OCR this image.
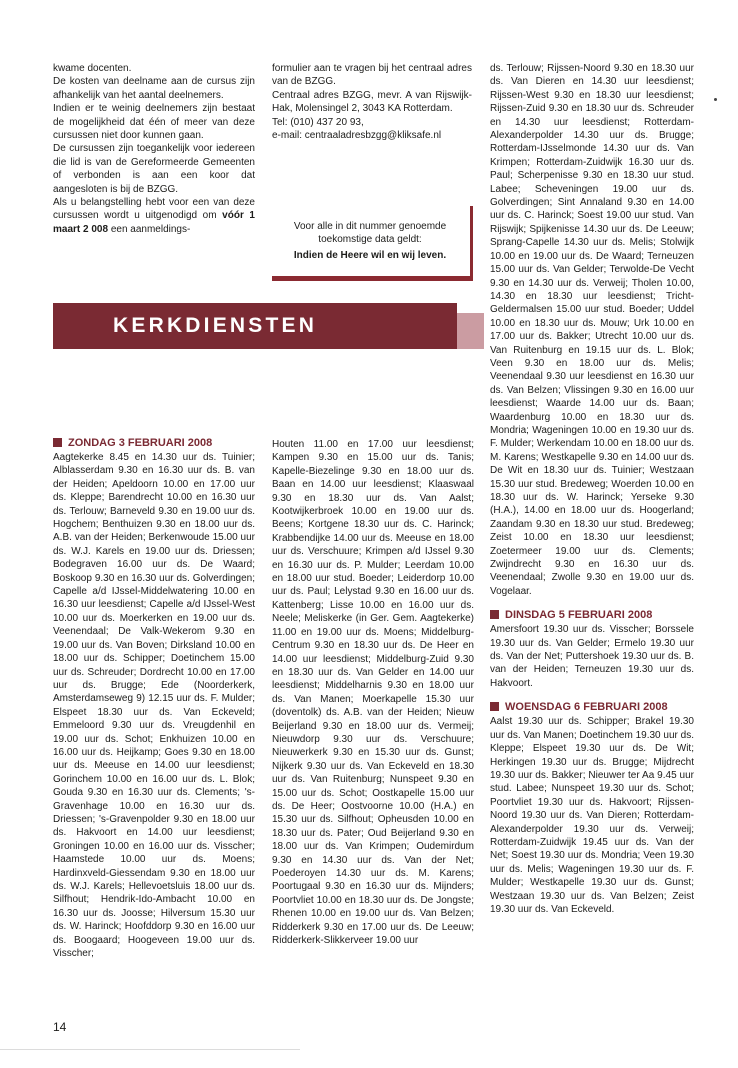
kwame docenten.

De kosten van deelname aan de cursus zijn afhankelijk van het aantal deelnemers.

Indien er te weinig deelnemers zijn bestaat de mogelijkheid dat één of meer van deze cursussen niet door kunnen gaan.

De cursussen zijn toegankelijk voor iedereen die lid is van de Gereformeerde Gemeenten of verbonden is aan een koor dat aangesloten is bij de BZGG.

Als u belangstelling hebt voor een van deze cursussen wordt u uitgenodigd om vóór 1 maart 2 008 een aanmeldings-

formulier aan te vragen bij het centraal adres van de BZGG.

Centraal adres BZGG, mevr. A van Rijswijk-Hak, Molensingel 2, 3043 KA Rotterdam.

Tel: (010) 437 20 93,

e-mail: centraaladresbzgg@kliksafe.nl

Voor alle in dit nummer genoemde toekomstige data geldt:
Indien de Heere wil en wij leven.
KERKDIENSTEN
ZONDAG 3 FEBRUARI 2008

Aagtekerke 8.45 en 14.30 uur ds. Tuinier; Alblasserdam 9.30 en 16.30 uur ds. B. van der Heiden; Apeldoorn 10.00 en 17.00 uur ds. Kleppe; Barendrecht 10.00 en 16.30 uur ds. Terlouw; Barneveld 9.30 en 19.00 uur ds. Hogchem; Benthuizen 9.30 en 18.00 uur ds. A.B. van der Heiden; Berkenwoude 15.00 uur ds. W.J. Karels en 19.00 uur ds. Driessen; Bodegraven 16.00 uur ds. De Waard; Boskoop 9.30 en 16.30 uur ds. Golverdingen; Capelle a/d IJssel-Middelwatering 10.00 en 16.30 uur leesdienst; Capelle a/d IJssel-West 10.00 uur ds. Moerkerken en 19.00 uur ds. Veenendaal; De Valk-Wekerom 9.30 en 19.00 uur ds. Van Boven; Dirksland 10.00 en 18.00 uur ds. Schipper; Doetinchem 15.00 uur ds. Schreuder; Dordrecht 10.00 en 17.00 uur ds. Brugge; Ede (Noorderkerk, Amsterdamseweg 9) 12.15 uur ds. F. Mulder; Elspeet 18.30 uur ds. Van Eckeveld; Emmeloord 9.30 uur ds. Vreugdenhil en 19.00 uur ds. Schot; Enkhuizen 10.00 en 16.00 uur ds. Heijkamp; Goes 9.30 en 18.00 uur ds. Meeuse en 14.00 uur leesdienst; Gorinchem 10.00 en 16.00 uur ds. L. Blok; Gouda 9.30 en 16.30 uur ds. Clements; 's-Gravenhage 10.00 en 16.30 uur ds. Driessen; 's-Gravenpolder 9.30 en 18.00 uur ds. Hakvoort en 14.00 uur leesdienst; Groningen 10.00 en 16.00 uur ds. Visscher; Haamstede 10.00 uur ds. Moens; Hardinxveld-Giessendam 9.30 en 18.00 uur ds. W.J. Karels; Hellevoetsluis 18.00 uur ds. Silfhout; Hendrik-Ido-Ambacht 10.00 en 16.30 uur ds. Joosse; Hilversum 15.30 uur ds. W. Harinck; Hoofddorp 9.30 en 16.00 uur ds. Boogaard; Hoogeveen 19.00 uur ds. Visscher;

Houten 11.00 en 17.00 uur leesdienst; Kampen 9.30 en 15.00 uur ds. Tanis; Kapelle-Biezelinge 9.30 en 18.00 uur ds. Baan en 14.00 uur leesdienst; Klaaswaal 9.30 en 18.30 uur ds. Van Aalst; Kootwijkerbroek 10.00 en 19.00 uur ds. Beens; Kortgene 18.30 uur ds. C. Harinck; Krabbendijke 14.00 uur ds. Meeuse en 18.00 uur ds. Verschuure; Krimpen a/d IJssel 9.30 en 16.30 uur ds. P. Mulder; Leerdam 10.00 en 18.00 uur stud. Boeder; Leiderdorp 10.00 uur ds. Paul; Lelystad 9.30 en 16.00 uur ds. Kattenberg; Lisse 10.00 en 16.00 uur ds. Neele; Meliskerke (in Ger. Gem. Aagtekerke) 11.00 en 19.00 uur ds. Moens; Middelburg-Centrum 9.30 en 18.30 uur ds. De Heer en 14.00 uur leesdienst; Middelburg-Zuid 9.30 en 18.30 uur ds. Van Gelder en 14.00 uur leesdienst; Middelharnis 9.30 en 18.00 uur ds. Van Manen; Moerkapelle 15.30 uur (doventolk) ds. A.B. van der Heiden; Nieuw Beijerland 9.30 en 18.00 uur ds. Vermeij; Nieuwdorp 9.30 uur ds. Verschuure; Nieuwerkerk 9.30 en 15.30 uur ds. Gunst; Nijkerk 9.30 uur ds. Van Eckeveld en 18.30 uur ds. Van Ruitenburg; Nunspeet 9.30 en 15.00 uur ds. Schot; Oostkapelle 15.00 uur ds. De Heer; Oostvoorne 10.00 (H.A.) en 15.30 uur ds. Silfhout; Opheusden 10.00 en 18.30 uur ds. Pater; Oud Beijerland 9.30 en 18.00 uur ds. Van Krimpen; Oudemirdum 9.30 en 14.30 uur ds. Van der Net; Poederoyen 14.30 uur ds. M. Karens; Poortugaal 9.30 en 16.30 uur ds. Mijnders; Poortvliet 10.00 en 18.30 uur ds. De Jongste; Rhenen 10.00 en 19.00 uur ds. Van Belzen; Ridderkerk 9.30 en 17.00 uur ds. De Leeuw; Ridderkerk-Slikkerveer 19.00 uur

ds. Terlouw; Rijssen-Noord 9.30 en 18.30 uur ds. Van Dieren en 14.30 uur leesdienst; Rijssen-West 9.30 en 18.30 uur leesdienst; Rijssen-Zuid 9.30 en 18.30 uur ds. Schreuder en 14.30 uur leesdienst; Rotterdam-Alexanderpolder 14.30 uur ds. Brugge; Rotterdam-IJsselmonde 14.30 uur ds. Van Krimpen; Rotterdam-Zuidwijk 16.30 uur ds. Paul; Scherpenisse 9.30 en 18.30 uur stud. Labee; Scheveningen 19.00 uur ds. Golverdingen; Sint Annaland 9.30 en 14.00 uur ds. C. Harinck; Soest 19.00 uur stud. Van Rijswijk; Spijkenisse 14.30 uur ds. De Leeuw; Sprang-Capelle 14.30 uur ds. Melis; Stolwijk 10.00 en 19.00 uur ds. De Waard; Terneuzen 15.00 uur ds. Van Gelder; Terwolde-De Vecht 9.30 en 14.30 uur ds. Verweij; Tholen 10.00, 14.30 en 18.30 uur leesdienst; Tricht-Geldermalsen 15.00 uur stud. Boeder; Uddel 10.00 en 18.30 uur ds. Mouw; Urk 10.00 en 17.00 uur ds. Bakker; Utrecht 10.00 uur ds. Van Ruitenburg en 19.15 uur ds. L. Blok; Veen 9.30 en 18.00 uur ds. Melis; Veenendaal 9.30 uur leesdienst en 16.30 uur ds. Van Belzen; Vlissingen 9.30 en 16.00 uur leesdienst; Waarde 14.00 uur ds. Baan; Waardenburg 10.00 en 18.30 uur ds. Mondria; Wageningen 10.00 en 19.30 uur ds. F. Mulder; Werkendam 10.00 en 18.00 uur ds. M. Karens; Westkapelle 9.30 en 14.00 uur ds. De Wit en 18.30 uur ds. Tuinier; Westzaan 15.30 uur stud. Bredeweg; Woerden 10.00 en 18.30 uur ds. W. Harinck; Yerseke 9.30 (H.A.), 14.00 en 18.00 uur ds. Hoogerland; Zaandam 9.30 en 18.30 uur stud. Bredeweg; Zeist 10.00 en 18.30 uur leesdienst; Zoetermeer 19.00 uur ds. Clements; Zwijndrecht 9.30 en 16.30 uur ds. Veenendaal; Zwolle 9.30 en 19.00 uur ds. Vogelaar.

DINSDAG 5 FEBRUARI 2008

Amersfoort 19.30 uur ds. Visscher; Borssele 19.30 uur ds. Van Gelder; Ermelo 19.30 uur ds. Van der Net; Puttershoek 19.30 uur ds. B. van der Heiden; Terneuzen 19.30 uur ds. Hakvoort.

WOENSDAG 6 FEBRUARI 2008

Aalst 19.30 uur ds. Schipper; Brakel 19.30 uur ds. Van Manen; Doetinchem 19.30 uur ds. Kleppe; Elspeet 19.30 uur ds. De Wit; Herkingen 19.30 uur ds. Brugge; Mijdrecht 19.30 uur ds. Bakker; Nieuwer ter Aa 9.45 uur stud. Labee; Nunspeet 19.30 uur ds. Schot; Poortvliet 19.30 uur ds. Hakvoort; Rijssen-Noord 19.30 uur ds. Van Dieren; Rotterdam-Alexanderpolder 19.30 uur ds. Verweij; Rotterdam-Zuidwijk 19.45 uur ds. Van der Net; Soest 19.30 uur ds. Mondria; Veen 19.30 uur ds. Melis; Wageningen 19.30 uur ds. F. Mulder; Westkapelle 19.30 uur ds. Gunst; Westzaan 19.30 uur ds. Van Belzen; Zeist 19.30 uur ds. Van Eckeveld.

14
